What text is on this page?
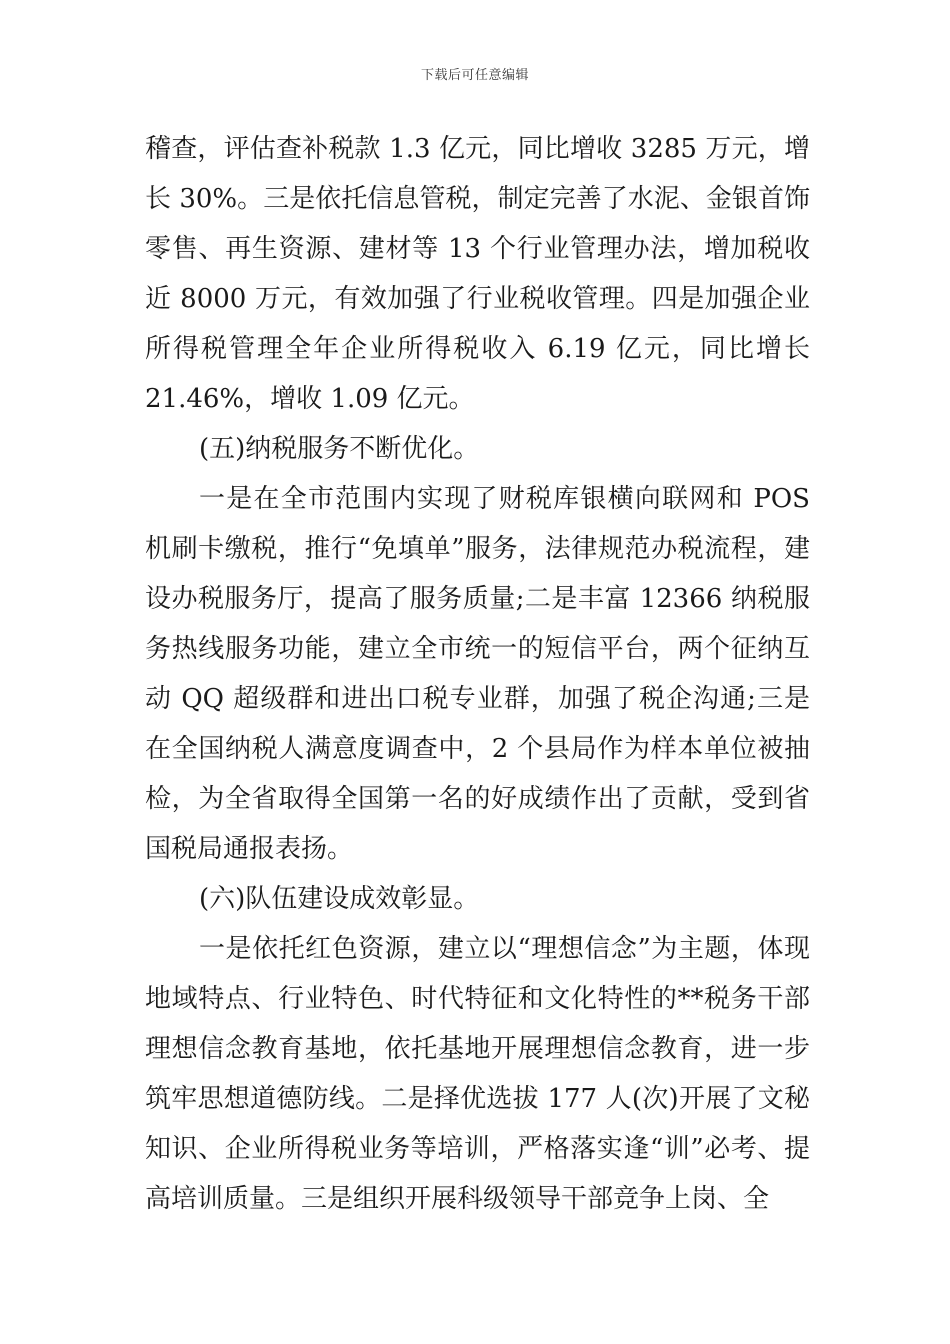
下载后可任意编辑

稽查，评估查补税款 1.3 亿元，同比增收 3285 万元，增长 30%。三是依托信息管税，制定完善了水泥、金银首饰零售、再生资源、建材等 13 个行业管理办法，增加税收近 8000 万元，有效加强了行业税收管理。四是加强企业所得税管理全年企业所得税收入 6.19 亿元，同比增长 21.46%，增收 1.09 亿元。

(五)纳税服务不断优化。

一是在全市范围内实现了财税库银横向联网和 POS 机刷卡缴税，推行“免填单”服务，法律规范办税流程，建设办税服务厅，提高了服务质量;二是丰富 12366 纳税服务热线服务功能，建立全市统一的短信平台，两个征纳互动 QQ 超级群和进出口税专业群，加强了税企沟通;三是在全国纳税人满意度调查中，2 个县局作为样本单位被抽检，为全省取得全国第一名的好成绩作出了贡献，受到省国税局通报表扬。

(六)队伍建设成效彰显。

一是依托红色资源，建立以“理想信念”为主题，体现地域特点、行业特色、时代特征和文化特性的**税务干部理想信念教育基地，依托基地开展理想信念教育，进一步筑牢思想道德防线。二是择优选拔 177 人(次)开展了文秘知识、企业所得税业务等培训，严格落实逢“训”必考、提高培训质量。三是组织开展科级领导干部竞争上岗、全
